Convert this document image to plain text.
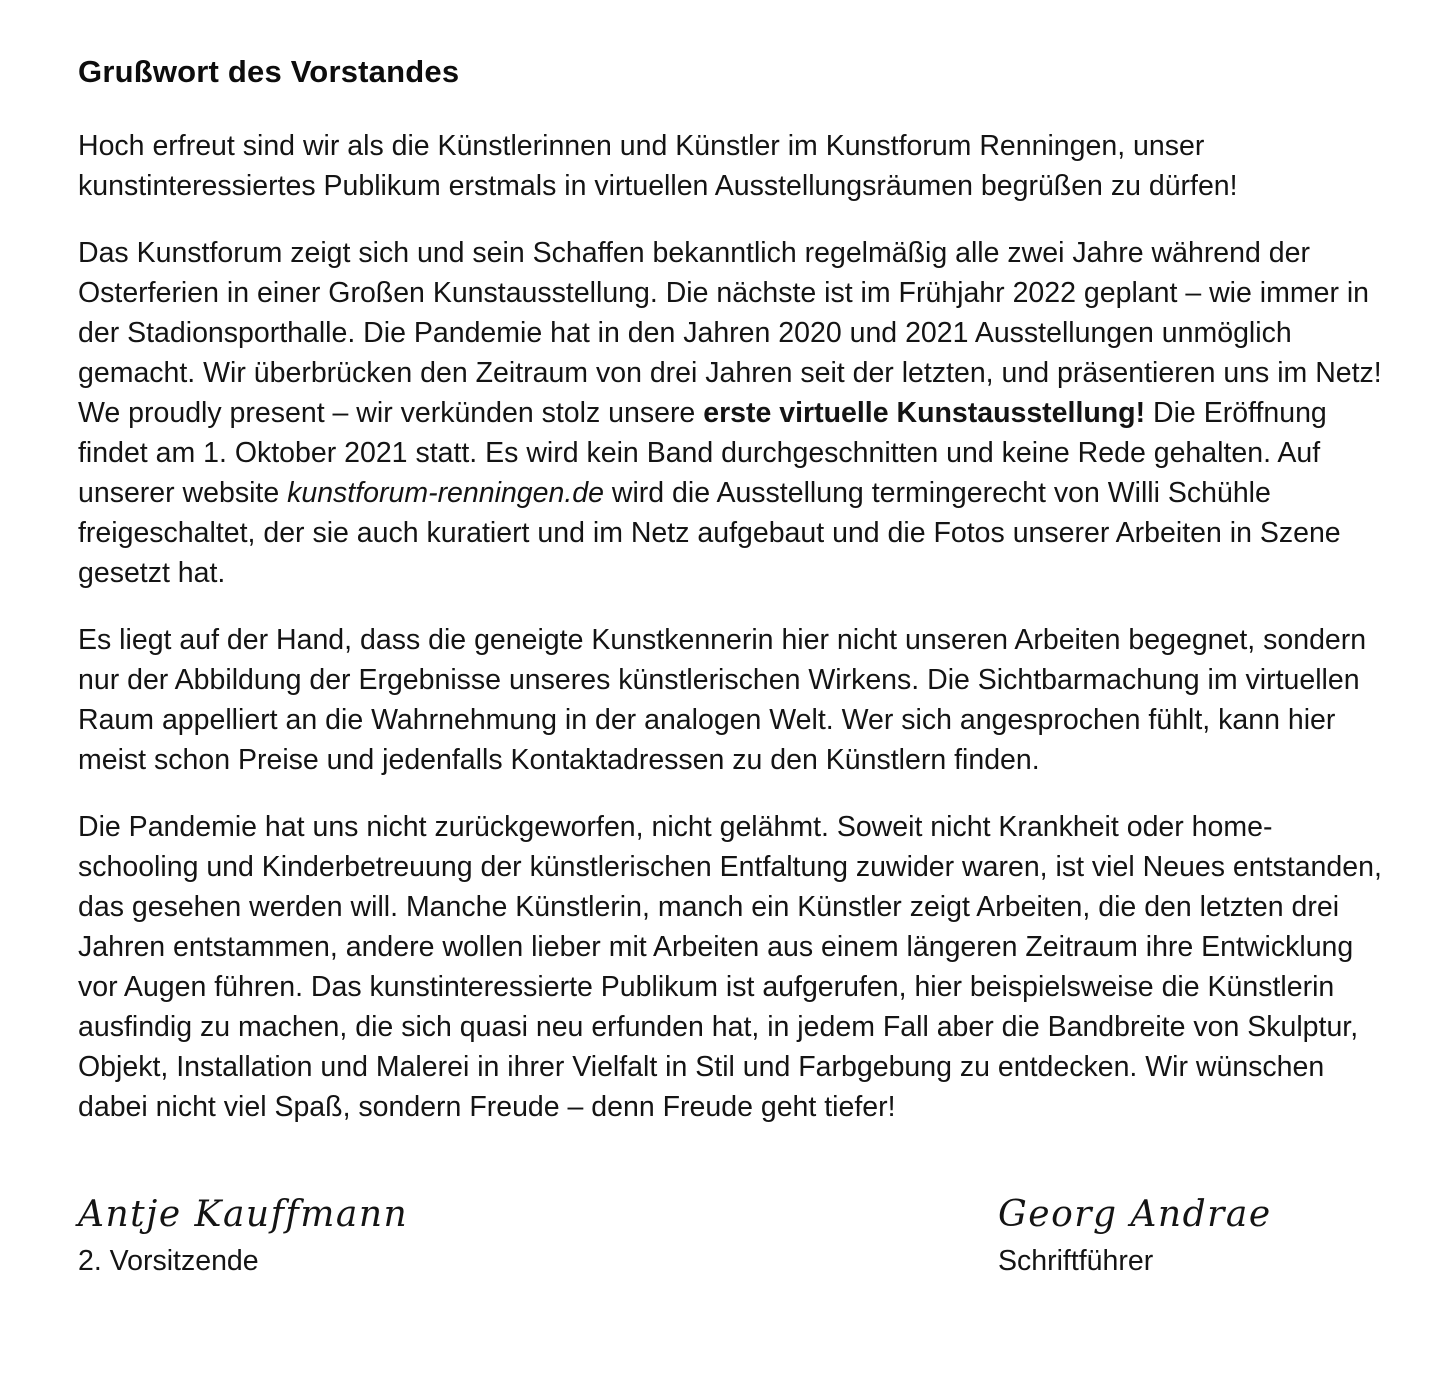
Grußwort des Vorstandes

Hoch erfreut sind wir als die Künstlerinnen und Künstler im Kunstforum Renningen, unser kunstinteressiertes Publikum erstmals in virtuellen Ausstellungsräumen begrüßen zu dürfen!

Das Kunstforum zeigt sich und sein Schaffen bekanntlich regelmäßig alle zwei Jahre während der Osterferien in einer Großen Kunstausstellung. Die nächste ist im Frühjahr 2022 geplant – wie immer in der Stadionsporthalle. Die Pandemie hat in den Jahren 2020 und 2021 Ausstellungen unmöglich gemacht. Wir überbrücken den Zeitraum von drei Jahren seit der letzten, und präsentieren uns im Netz! We proudly present – wir verkünden stolz unsere erste virtuelle Kunstausstellung! Die Eröffnung findet am 1. Oktober 2021 statt. Es wird kein Band durchgeschnitten und keine Rede gehalten. Auf unserer website kunstforum-renningen.de wird die Ausstellung termingerecht von Willi Schühle freigeschaltet, der sie auch kuratiert und im Netz aufgebaut und die Fotos unserer Arbeiten in Szene gesetzt hat.

Es liegt auf der Hand, dass die geneigte Kunstkennerin hier nicht unseren Arbeiten begegnet, sondern nur der Abbildung der Ergebnisse unseres künstlerischen Wirkens. Die Sichtbarmachung im virtuellen Raum appelliert an die Wahrnehmung in der analogen Welt. Wer sich angesprochen fühlt, kann hier meist schon Preise und jedenfalls Kontaktadressen zu den Künstlern finden.

Die Pandemie hat uns nicht zurückgeworfen, nicht gelähmt. Soweit nicht Krankheit oder home-schooling und Kinderbetreuung der künstlerischen Entfaltung zuwider waren, ist viel Neues entstanden, das gesehen werden will. Manche Künstlerin, manch ein Künstler zeigt Arbeiten, die den letzten drei Jahren entstammen, andere wollen lieber mit Arbeiten aus einem längeren Zeitraum ihre Entwicklung vor Augen führen. Das kunstinteressierte Publikum ist aufgerufen, hier beispielsweise die Künstlerin ausfindig zu machen, die sich quasi neu erfunden hat, in jedem Fall aber die Bandbreite von Skulptur, Objekt, Installation und Malerei in ihrer Vielfalt in Stil und Farbgebung zu entdecken. Wir wünschen dabei nicht viel Spaß, sondern Freude – denn Freude geht tiefer!

Antje Kauffmann
2. Vorsitzende
Georg Andrae
Schriftführer
